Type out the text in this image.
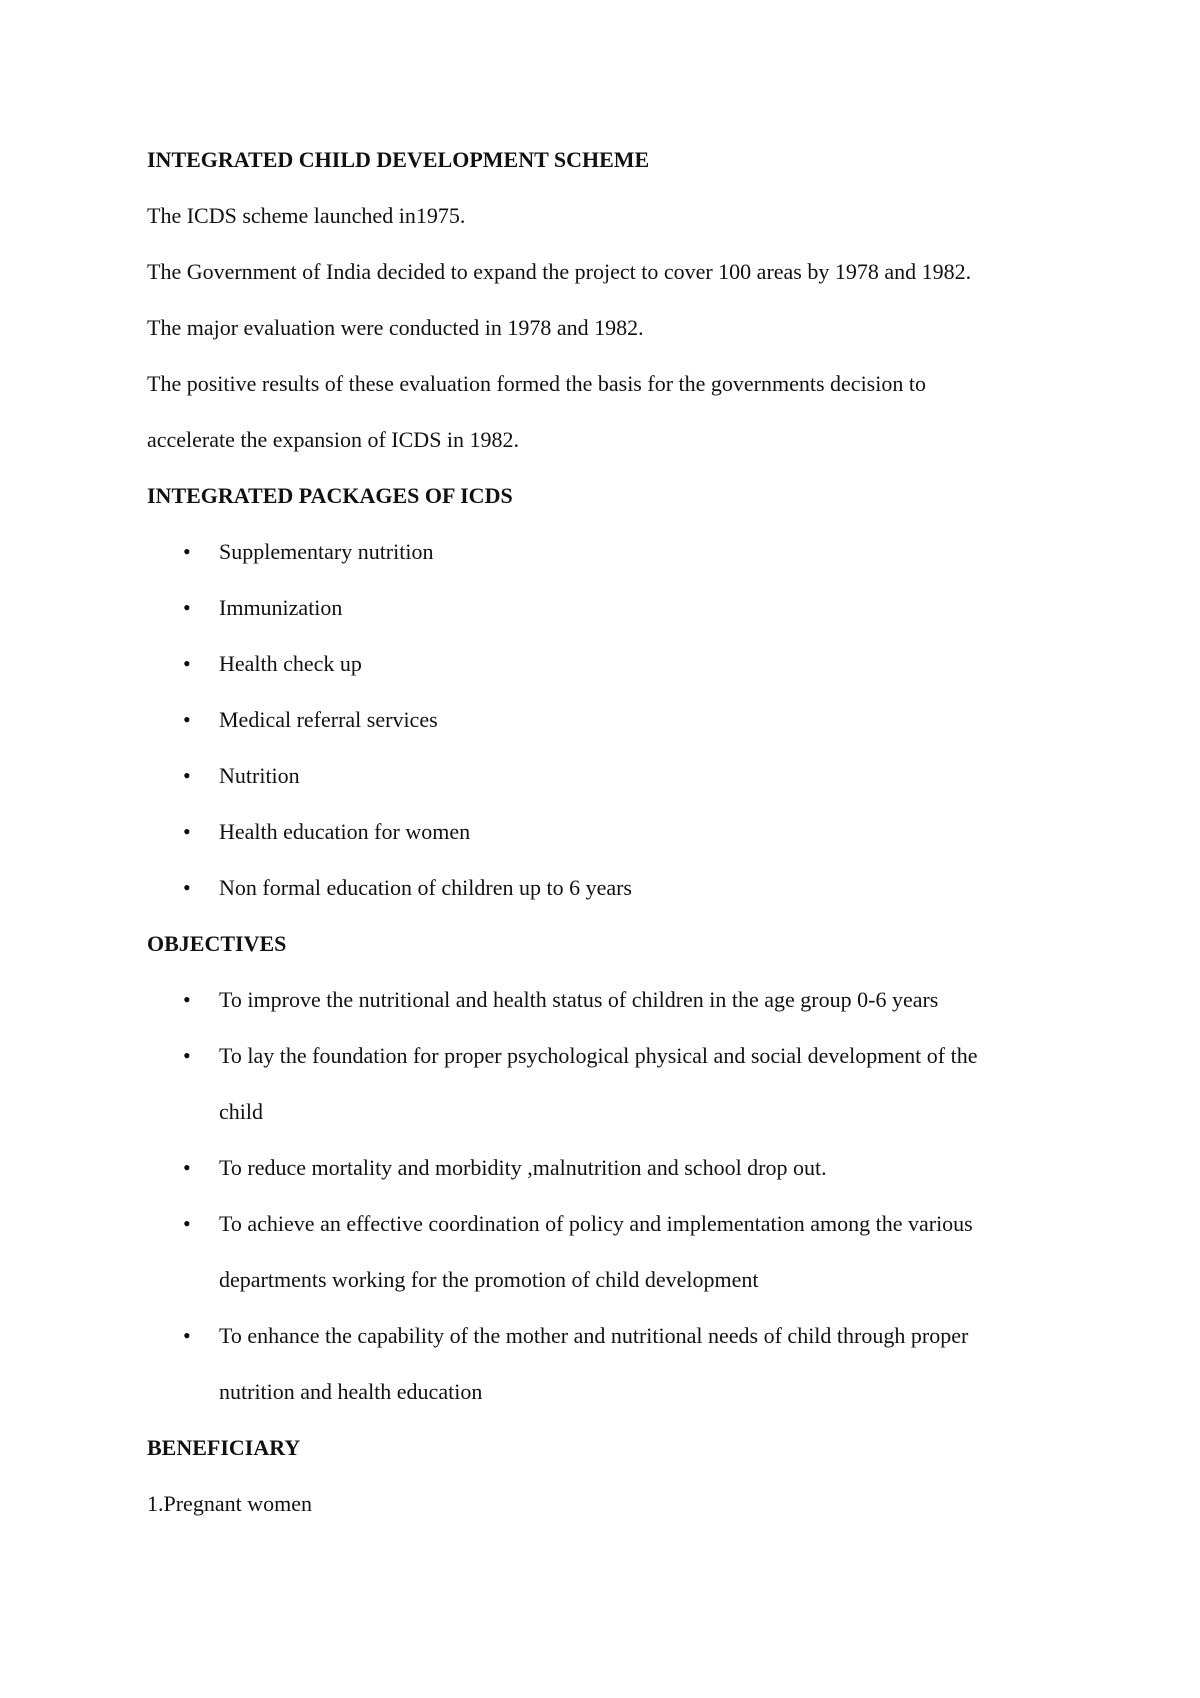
INTEGRATED CHILD DEVELOPMENT SCHEME

The ICDS scheme launched in1975.

The Government of India decided to expand the project to cover 100 areas by 1978 and 1982.

The major evaluation were conducted in 1978 and 1982.

The positive results of these evaluation formed the basis for the governments decision to

accelerate the expansion of ICDS in 1982.

INTEGRATED PACKAGES OF ICDS

• Supplementary nutrition
• Immunization
• Health check up
• Medical referral services
• Nutrition
• Health education for women
• Non formal education of children up to 6 years

OBJECTIVES

• To improve the nutritional and health status of children in the age group 0-6 years
• To lay the foundation for proper psychological physical and social development of the
child
• To reduce mortality and morbidity ,malnutrition and school drop out.
• To achieve an effective coordination of policy and implementation among the various
departments working for the promotion of child development
• To enhance the capability of the mother and nutritional needs of child through proper
nutrition and health education

BENEFICIARY

1.Pregnant women
